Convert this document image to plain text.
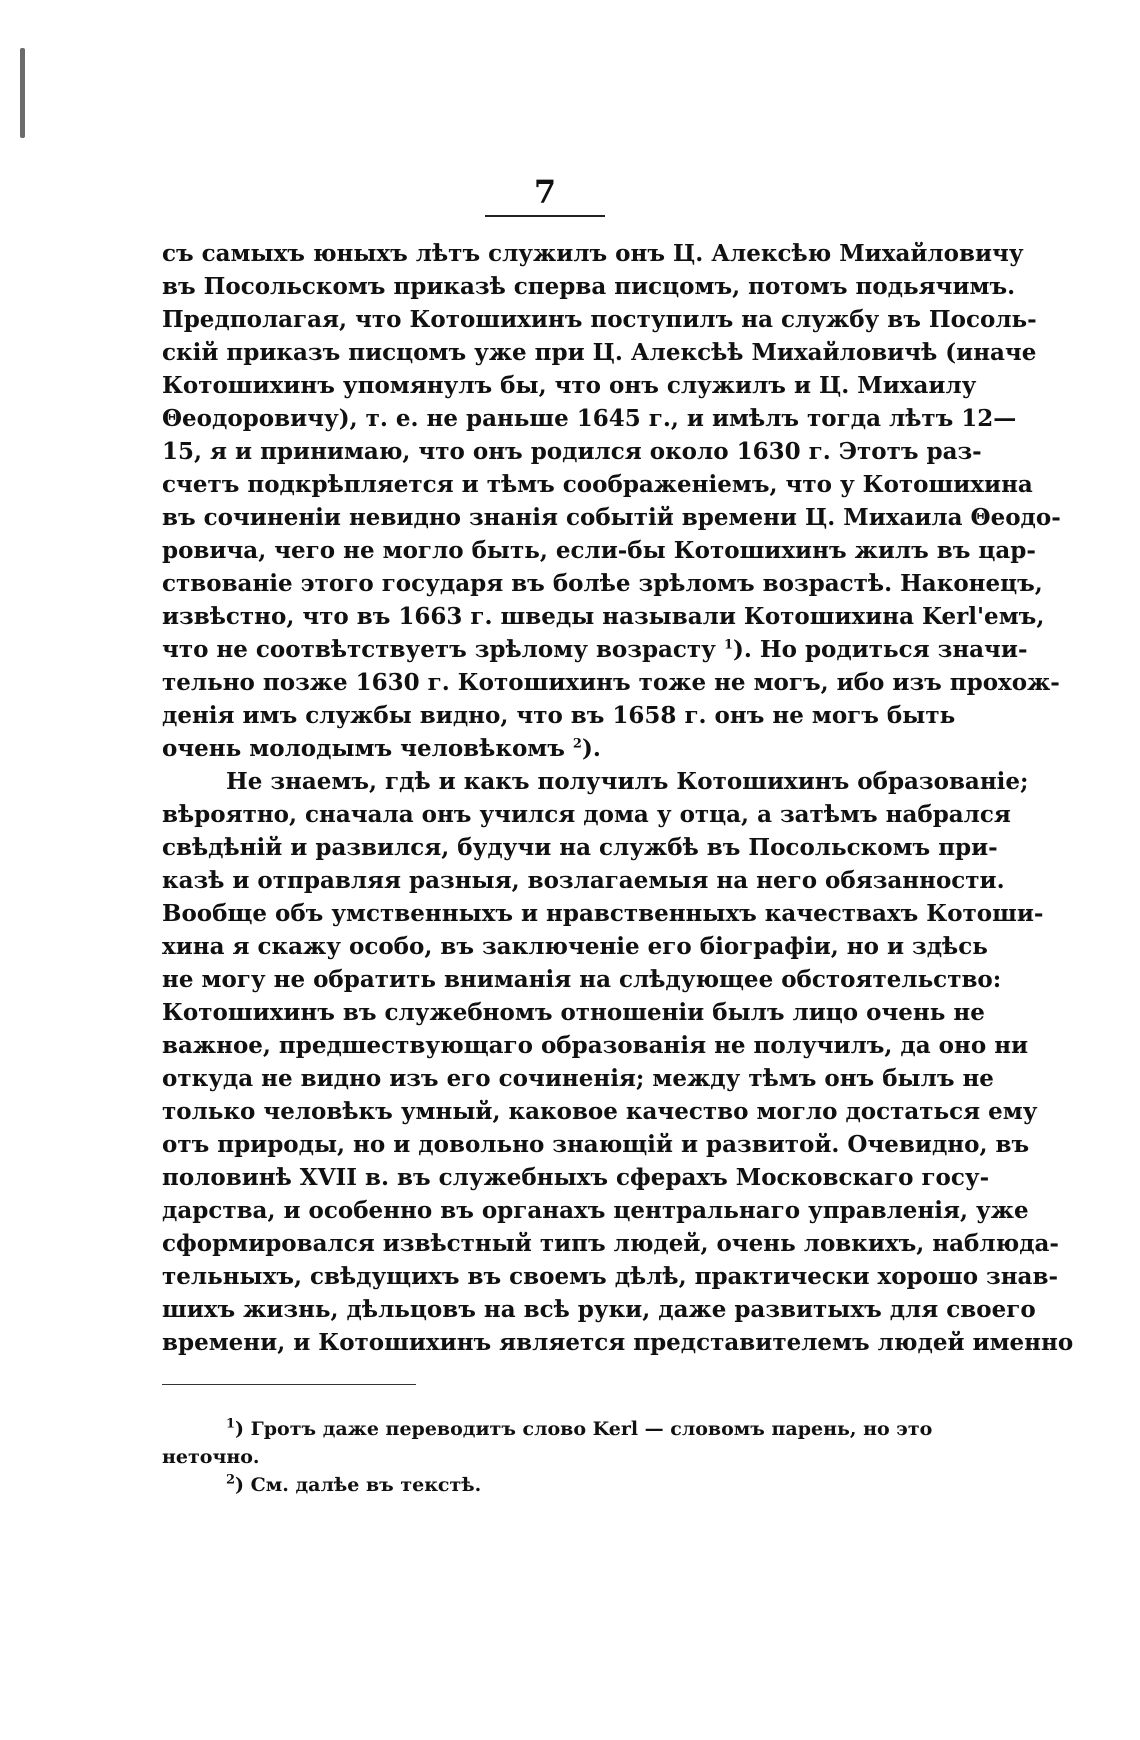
7
съ самыхъ юныхъ лѣтъ служилъ онъ Ц. Алексѣю Михайловичу
въ Посольскомъ приказѣ сперва писцомъ, потомъ подьячимъ.
Предполагая, что Котошихинъ поступилъ на службу въ Посоль-
скій приказъ писцомъ уже при Ц. Алексѣѣ Михайловичѣ (иначе
Котошихинъ упомянулъ бы, что онъ служилъ и Ц. Михаилу
Θеодоровичу), т. е. не раньше 1645 г., и имѣлъ тогда лѣтъ 12—
15, я и принимаю, что онъ родился около 1630 г. Этотъ раз-
счетъ подкрѣпляется и тѣмъ соображеніемъ, что у Котошихина
въ сочиненіи невидно знанія событій времени Ц. Михаила Θеодо-
ровича, чего не могло быть, если-бы Котошихинъ жилъ въ цар-
ствованіе этого государя въ болѣе зрѣломъ возрастѣ. Наконецъ,
извѣстно, что въ 1663 г. шведы называли Котошихина Kerl'емъ,
что не соотвѣтствуетъ зрѣлому возрасту $^1$). Но родиться значи-
тельно позже 1630 г. Котошихинъ тоже не могъ, ибо изъ прохож-
денія имъ службы видно, что въ 1658 г. онъ не могъ быть
очень молодымъ человѣкомъ $^2$).
Не знаемъ, гдѣ и какъ получилъ Котошихинъ образованіе;
вѣроятно, сначала онъ учился дома у отца, а затѣмъ набрался
свѣдѣній и развился, будучи на службѣ въ Посольскомъ при-
казѣ и отправляя разныя, возлагаемыя на него обязанности.
Вообще объ умственныхъ и нравственныхъ качествахъ Котоши-
хина я скажу особо, въ заключеніе его біографіи, но и здѣсь
не могу не обратить вниманія на слѣдующее обстоятельство:
Котошихинъ въ служебномъ отношеніи былъ лицо очень не
важное, предшествующаго образованія не получилъ, да оно ни
откуда не видно изъ его сочиненія; между тѣмъ онъ былъ не
только человѣкъ умный, каковое качество могло достаться ему
отъ природы, но и довольно знающій и развитой. Очевидно, въ
половинѣ XVII в. въ служебныхъ сферахъ Московскаго госу-
дарства, и особенно въ органахъ центральнаго управленія, уже
сформировался извѣстный типъ людей, очень ловкихъ, наблюда-
тельныхъ, свѣдущихъ въ своемъ дѣлѣ, практически хорошо знав-
шихъ жизнь, дѣльцовъ на всѣ руки, даже развитыхъ для своего
времени, и Котошихинъ является представителемъ людей именно
$^1$) Гротъ даже переводитъ слово Kerl — словомъ парень, но это
неточно.
$^2$) См. далѣе въ текстѣ.
